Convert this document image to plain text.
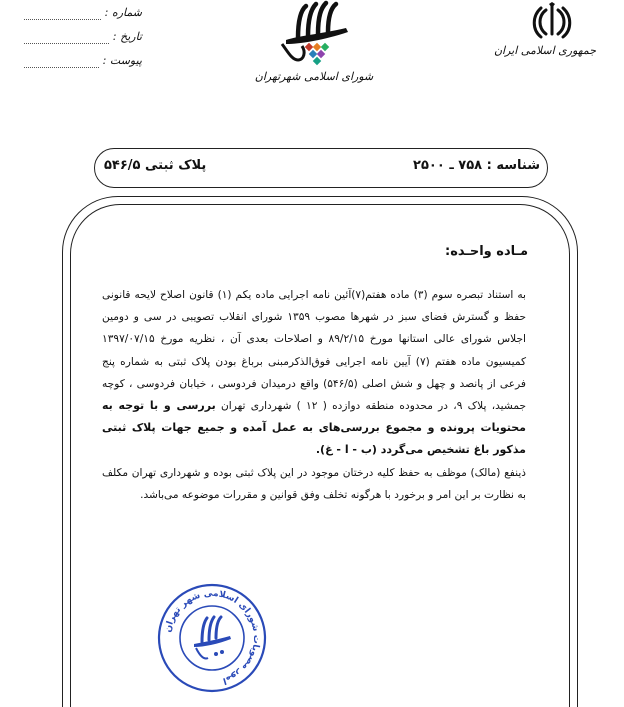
شماره :
تاریخ :
پیوست :
شورای اسلامی شهرتهران
جمهوری اسلامی ایران
شناسه : ۷۵۸ ـ ۲۵۰۰
پلاک ثبتی ۵۴۶/۵
مـاده واحـده:

به استناد تبصره سوم (۳) ماده هفتم(۷)آئین نامه اجرایی ماده یکم (۱) قانون اصلاح لایحه قانونی حفظ و گسترش فضای سبز در شهرها مصوب ۱۳۵۹ شورای انقلاب تصویبی در سی و دومین اجلاس شورای عالی استانها مورخ ۸۹/۲/۱۵ و اصلاحات بعدی آن ، نظریه مورخ ۱۳۹۷/۰۷/۱۵ کمیسیون ماده هفتم (۷) آیین نامه اجرایی فوق‌الذکرمبنی برباغ بودن پلاک ثبتی به شماره پنج فرعی از پانصد و چهل و شش اصلی (۵۴۶/۵) واقع درمیدان فردوسی ، خیابان فردوسی ، کوچه جمشید، پلاک ۹، در محدوده منطقه دوازده ( ۱۲ ) شهرداری تهران بررسی و با توجه به محتویات پرونده و مجموع بررسی‌های به عمل آمده و جمیع جهات پلاک ثبتی مذکور باغ تشخیص می‌گردد (ب - ا - غ).

ذینفع (مالک) موظف به حفظ کلیه درختان موجود در این پلاک ثبتی بوده و شهرداری تهران مکلف به نظارت بر این امر و برخورد با هرگونه تخلف وفق قوانین و مقررات موضوعه می‌باشد.

امور مصوبات شورای اسلامی شهر تهران
